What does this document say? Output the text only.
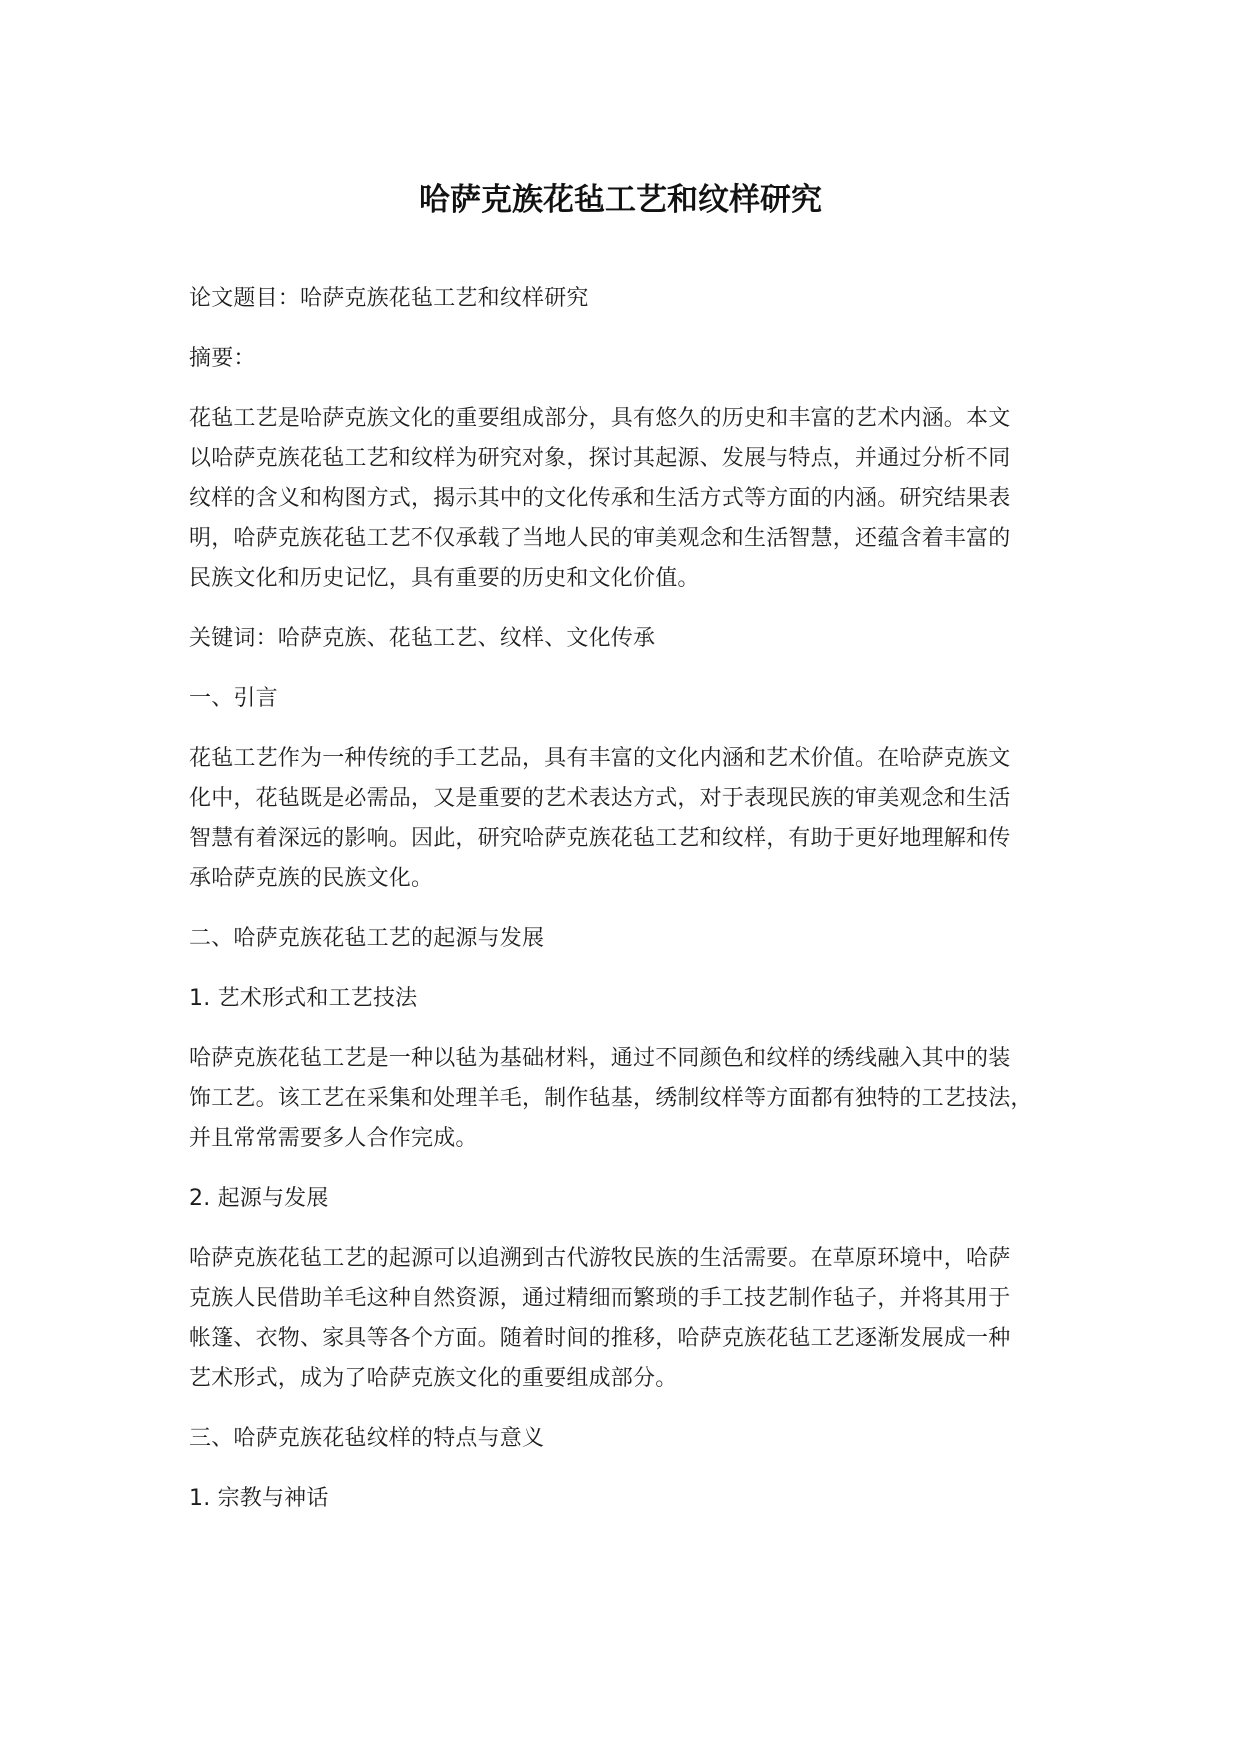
哈萨克族花毡工艺和纹样研究

论文题目：哈萨克族花毡工艺和纹样研究

摘要：

花毡工艺是哈萨克族文化的重要组成部分，具有悠久的历史和丰富的艺术内涵。本文
以哈萨克族花毡工艺和纹样为研究对象，探讨其起源、发展与特点，并通过分析不同
纹样的含义和构图方式，揭示其中的文化传承和生活方式等方面的内涵。研究结果表
明，哈萨克族花毡工艺不仅承载了当地人民的审美观念和生活智慧，还蕴含着丰富的
民族文化和历史记忆，具有重要的历史和文化价值。

关键词：哈萨克族、花毡工艺、纹样、文化传承

一、引言

花毡工艺作为一种传统的手工艺品，具有丰富的文化内涵和艺术价值。在哈萨克族文
化中，花毡既是必需品，又是重要的艺术表达方式，对于表现民族的审美观念和生活
智慧有着深远的影响。因此，研究哈萨克族花毡工艺和纹样，有助于更好地理解和传
承哈萨克族的民族文化。

二、哈萨克族花毡工艺的起源与发展

1. 艺术形式和工艺技法

哈萨克族花毡工艺是一种以毡为基础材料，通过不同颜色和纹样的绣线融入其中的装
饰工艺。该工艺在采集和处理羊毛，制作毡基，绣制纹样等方面都有独特的工艺技法，
并且常常需要多人合作完成。

2. 起源与发展

哈萨克族花毡工艺的起源可以追溯到古代游牧民族的生活需要。在草原环境中，哈萨
克族人民借助羊毛这种自然资源，通过精细而繁琐的手工技艺制作毡子，并将其用于
帐篷、衣物、家具等各个方面。随着时间的推移，哈萨克族花毡工艺逐渐发展成一种
艺术形式，成为了哈萨克族文化的重要组成部分。

三、哈萨克族花毡纹样的特点与意义

1. 宗教与神话
